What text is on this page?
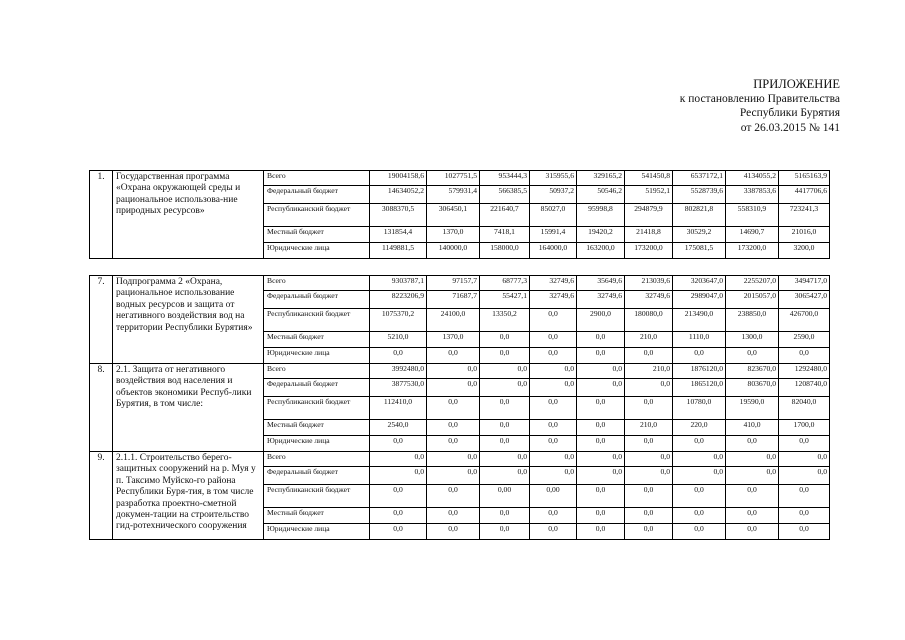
ПРИЛОЖЕНИЕ
к постановлению Правительства
Республики Бурятия
от 26.03.2015 № 141
1.	Государственная программа «Охрана окружающей среды и рациональное использова-ние природных ресурсов»	Всего	19004158,6	1027751,5	953444,3	315955,6	329165,2	541450,8	6537172,1	4134055,2	5165163,9
		Федеральный бюджет	14634052,2	579931,4	566385,5	50937,2	50546,2	51952,1	5528739,6	3387853,6	4417706,6
		Республиканский бюджет	3088370,5	306450,1	221640,7	85027,0	95998,8	294879,9	802821,8	558310,9	723241,3
		Местный бюджет	131854,4	1370,0	7418,1	15991,4	19420,2	21418,8	30529,2	14690,7	21016,0
		Юридические лица	1149881,5	140000,0	158000,0	164000,0	163200,0	173200,0	175081,5	173200,0	3200,0
7.	Подпрограмма 2 «Охрана, рациональное использование водных ресурсов и защита от негативного воздействия вод на территории Республики Бурятия»	Всего	9303787,1	97157,7	68777,3	32749,6	35649,6	213039,6	3203647,0	2255207,0	3494717,0
		Федеральный бюджет	8223206,9	71687,7	55427,1	32749,6	32749,6	32749,6	2989047,0	2015057,0	3065427,0
		Республиканский бюджет	1075370,2	24100,0	13350,2	0,0	2900,0	180080,0	213490,0	238850,0	426700,0
		Местный бюджет	5210,0	1370,0	0,0	0,0	0,0	210,0	1110,0	1300,0	2590,0
		Юридические лица	0,0	0,0	0,0	0,0	0,0	0,0	0,0	0,0	0,0
8.	2.1. Защита от негативного воздействия вод населения и объектов экономики Респуб-лики Бурятия, в том числе:	Всего	3992480,0	0,0	0,0	0,0	0,0	210,0	1876120,0	823670,0	1292480,0
		Федеральный бюджет	3877530,0	0,0	0,0	0,0	0,0	0,0	1865120,0	803670,0	1208740,0
		Республиканский бюджет	112410,0	0,0	0,0	0,0	0,0	0,0	10780,0	19590,0	82040,0
		Местный бюджет	2540,0	0,0	0,0	0,0	0,0	210,0	220,0	410,0	1700,0
		Юридические лица	0,0	0,0	0,0	0,0	0,0	0,0	0,0	0,0	0,0
9.	2.1.1. Строительство берего-защитных сооружений на р. Муя у п. Таксимо Муйско-го района Республики Буря-тия, в том числе разработка проектно-сметной докумен-тации на строительство гид-ротехнического сооружения	Всего	0,0	0,0	0,0	0,0	0,0	0,0	0,0	0,0	0,0
		Федеральный бюджет	0,0	0,0	0,0	0,0	0,0	0,0	0,0	0,0	0,0
		Республиканский бюджет	0,0	0,0	0,00	0,00	0,0	0,0	0,0	0,0	0,0
		Местный бюджет	0,0	0,0	0,0	0,0	0,0	0,0	0,0	0,0	0,0
		Юридические лица	0,0	0,0	0,0	0,0	0,0	0,0	0,0	0,0	0,0
